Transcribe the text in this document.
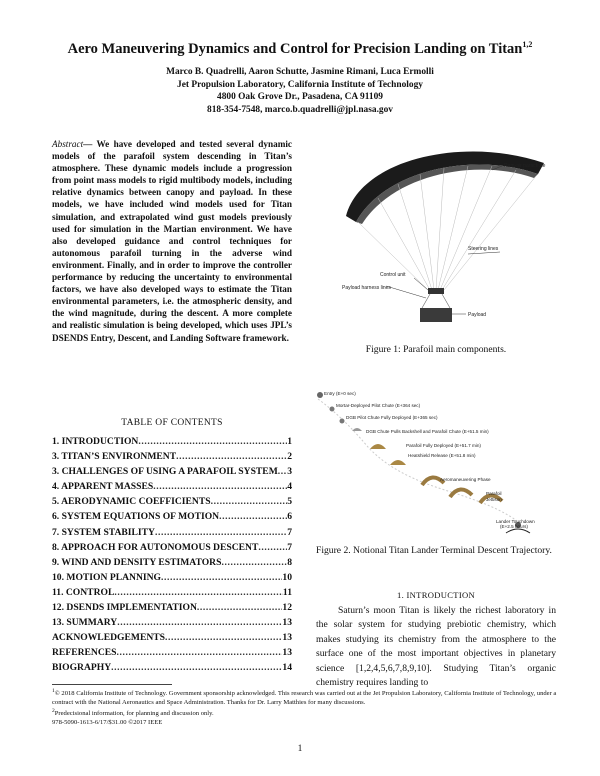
Aero Maneuvering Dynamics and Control for Precision Landing on Titan$^{1,2}$
Marco B. Quadrelli, Aaron Schutte, Jasmine Rimani, Luca Ermolli
Jet Propulsion Laboratory, California Institute of Technology
4800 Oak Grove Dr., Pasadena, CA 91109
818-354-7548, marco.b.quadrelli@jpl.nasa.gov

Abstract— We have developed and tested several dynamic models of the parafoil system descending in Titan’s atmosphere. These dynamic models include a progression from point mass models to rigid multibody models, including relative dynamics between canopy and payload. In these models, we have included wind models used for Titan simulation, and extrapolated wind gust models previously used for simulation in the Martian environment. We have also developed guidance and control techniques for autonomous parafoil turning in the adverse wind environment. Finally, and in order to improve the controller performance by reducing the uncertainty to environmental factors, we have also developed ways to estimate the Titan environmental parameters, i.e. the atmospheric density, and the wind magnitude, during the descent. A more complete and realistic simulation is being developed, which uses JPL’s DSENDS Entry, Descent, and Landing Software framework.

TABLE OF CONTENTS
1. INTRODUCTION .....	1
3. TITAN’S ENVIRONMENT .....	2
3. CHALLENGES OF USING A PARAFOIL SYSTEM ..... 3
4. APPARENT MASSES .....	4
5. AERODYNAMIC COEFFICIENTS .....	5
6. SYSTEM EQUATIONS OF MOTION .....	6
7. SYSTEM STABILITY .....	7
8. APPROACH FOR AUTONOMOUS DESCENT .....	7
9. WIND AND DENSITY ESTIMATORS .....	8
10. MOTION PLANNING .....	10
11. CONTROL .....	11
12. DSENDS IMPLEMENTATION .....	12
13. SUMMARY .....	13
ACKNOWLEDGEMENTS .....	13
REFERENCES .....	13
BIOGRAPHY .....	14
Ram-air parachute
Steering lines
Control unit
Payload harness lines
Payload
Figure 1: Parafoil main components.
Entry (E+0 sec)
Mortar-Deployed Pilot Chute (E+364 sec)
DGB Pilot Chute Fully Deployed (E+365 sec)
DGB Chute Pulls Backshell and Parafoil Chute (E+51.5 min)
Parafoil Fully Deployed (E+51.7 min)
Heatshield Release (E+51.8 min)
Aeromaneuvering Phase
Parafoil
Jettison
Lander Touchdown
(E+2.5 hours)
Figure 2. Notional Titan Lander Terminal Descent Trajectory.
1. INTRODUCTION

Saturn’s moon Titan is likely the richest laboratory in the solar system for studying prebiotic chemistry, which makes studying its chemistry from the atmosphere to the surface one of the most important objectives in planetary science [1,2,4,5,6,7,8,9,10]. Studying Titan’s organic chemistry requires landing to

$^1$© 2018 California Institute of Technology. Government sponsorship acknowledged. This research was carried out at the Jet Propulsion Laboratory, California Institute of Technology, under a contract with the National Aeronautics and Space Administration. Thanks for Dr. Larry Matthies for many discussions.
$^2$Predecisional information, for planning and discussion only.
978-5090-1613-6/17/$31.00 ©2017 IEEE
1
